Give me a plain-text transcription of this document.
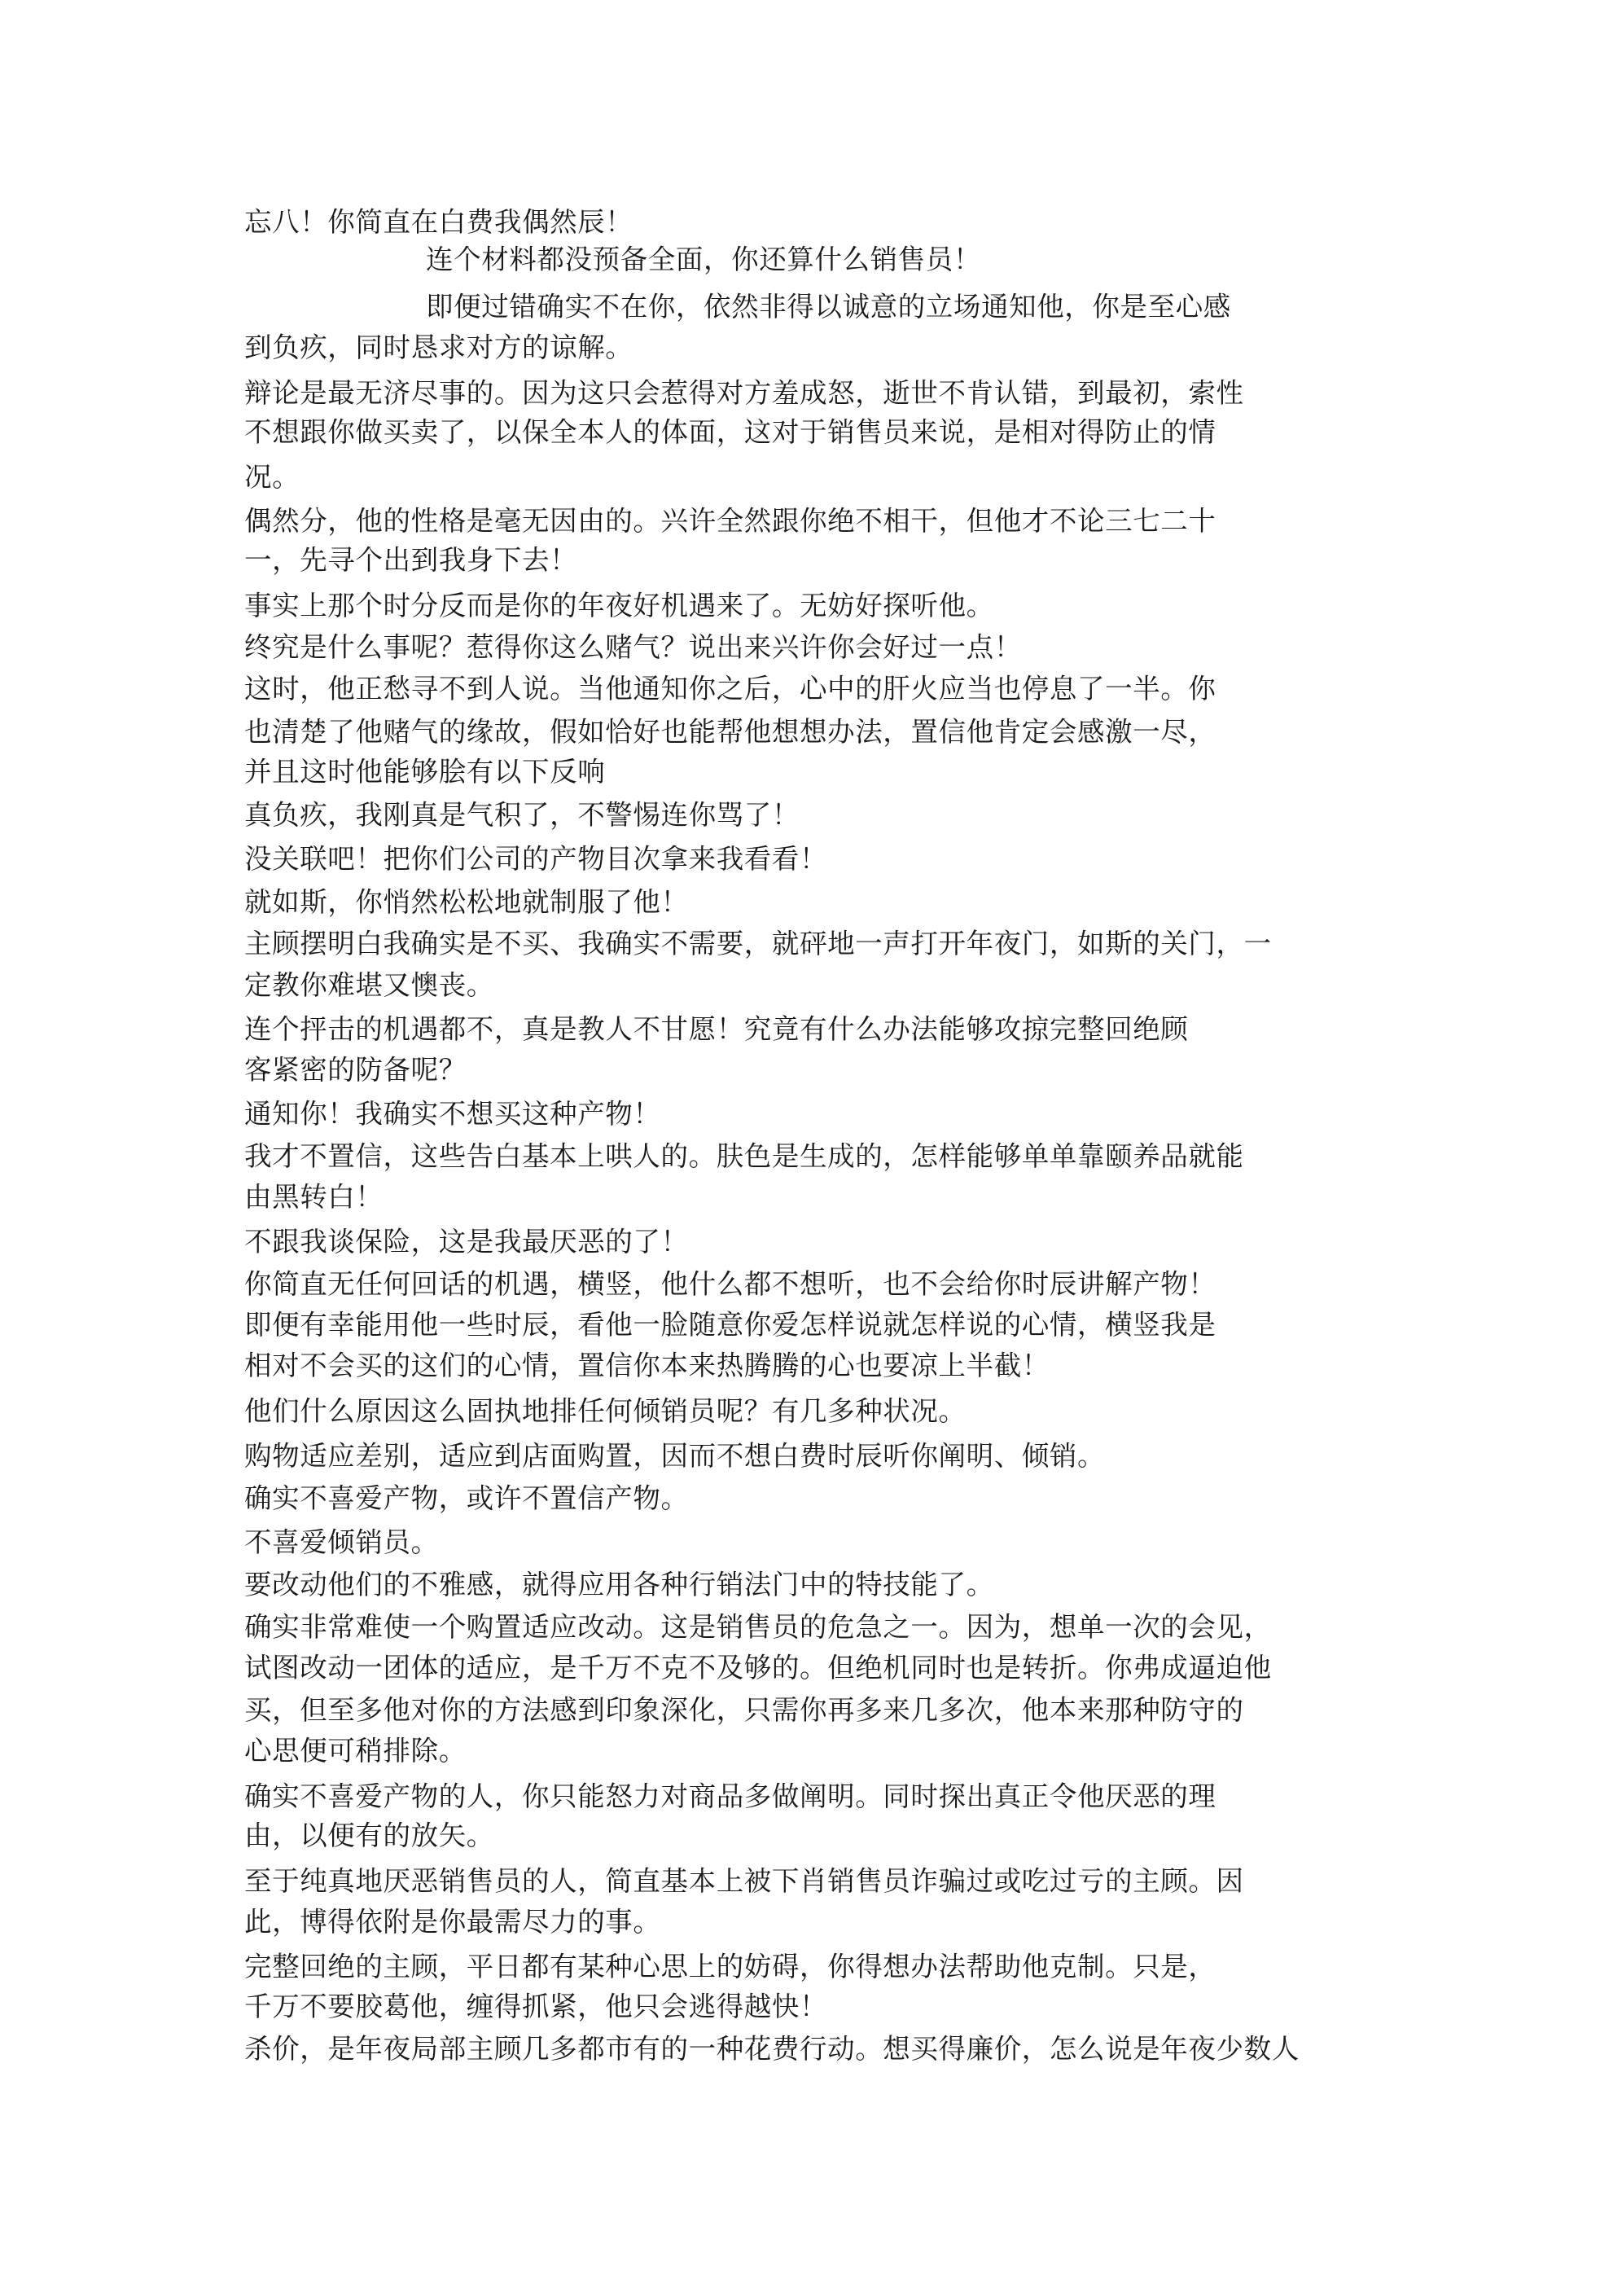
忘八！你简直在白费我偶然辰！

连个材料都没预备全面，你还算什么销售员！

即便过错确实不在你，依然非得以诚意的立场通知他，你是至心感

到负疚，同时恳求对方的谅解。

辩论是最无济尽事的。因为这只会惹得对方羞成怒，逝世不肯认错，到最初，索性

不想跟你做买卖了，以保全本人的体面，这对于销售员来说，是相对得防止的情

况。

偶然分，他的性格是毫无因由的。兴许全然跟你绝不相干，但他才不论三七二十

一，先寻个出到我身下去！

事实上那个时分反而是你的年夜好机遇来了。无妨好探听他。

终究是什么事呢？惹得你这么赌气？说出来兴许你会好过一点！

这时，他正愁寻不到人说。当他通知你之后，心中的肝火应当也停息了一半。你

也清楚了他赌气的缘故，假如恰好也能帮他想想办法，置信他肯定会感激一尽，

并且这时他能够脍有以下反响

真负疚，我刚真是气积了，不警惕连你骂了！

没关联吧！把你们公司的产物目次拿来我看看！

就如斯，你悄然松松地就制服了他！

主顾摆明白我确实是不买、我确实不需要，就砰地一声打开年夜门，如斯的关门，一

定教你难堪又懊丧。

连个抨击的机遇都不，真是教人不甘愿！究竟有什么办法能够攻掠完整回绝顾

客紧密的防备呢？

通知你！我确实不想买这种产物！

我才不置信，这些告白基本上哄人的。肤色是生成的，怎样能够单单靠颐养品就能

由黑转白！

不跟我谈保险，这是我最厌恶的了！

你简直无任何回话的机遇，横竖，他什么都不想听，也不会给你时辰讲解产物！

即便有幸能用他一些时辰，看他一脸随意你爱怎样说就怎样说的心情，横竖我是

相对不会买的这们的心情，置信你本来热腾腾的心也要凉上半截！

他们什么原因这么固执地排任何倾销员呢？有几多种状况。

购物适应差别，适应到店面购置，因而不想白费时辰听你阐明、倾销。

确实不喜爱产物，或许不置信产物。

不喜爱倾销员。

要改动他们的不雅感，就得应用各种行销法门中的特技能了。

确实非常难使一个购置适应改动。这是销售员的危急之一。因为，想单一次的会见，

试图改动一团体的适应，是千万不克不及够的。但绝机同时也是转折。你弗成逼迫他

买，但至多他对你的方法感到印象深化，只需你再多来几多次，他本来那种防守的

心思便可稍排除。

确实不喜爱产物的人，你只能怒力对商品多做阐明。同时探出真正令他厌恶的理

由，以便有的放矢。

至于纯真地厌恶销售员的人，简直基本上被下肖销售员诈骗过或吃过亏的主顾。因

此，博得依附是你最需尽力的事。

完整回绝的主顾，平日都有某种心思上的妨碍，你得想办法帮助他克制。只是，

千万不要胶葛他，缠得抓紧，他只会逃得越快！

杀价，是年夜局部主顾几多都市有的一种花费行动。想买得廉价，怎么说是年夜少数人
